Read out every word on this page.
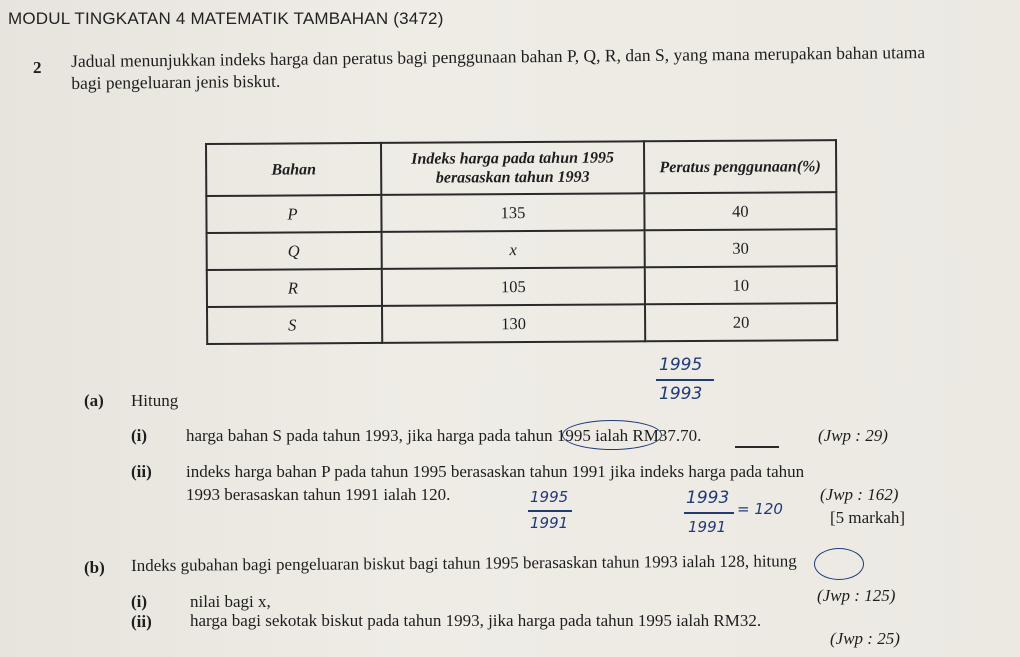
MODUL TINGKATAN 4 MATEMATIK TAMBAHAN (3472)
2 Jadual menunjukkan indeks harga dan peratus bagi penggunaan bahan P, Q, R, dan S, yang mana merupakan bahan utama bagi pengeluaran jenis biskut.
Bahan	Indeks harga pada tahun 1995 berasaskan tahun 1993	Peratus penggunaan(%)
P	135	40
Q	x	30
R	105	10
S	130	20
1995
1993
(a) Hitung
(i) harga bahan S pada tahun 1993, jika harga pada tahun 1995 ialah RM37.70.	(Jwp : 29)
(ii) indeks harga bahan P pada tahun 1995 berasaskan tahun 1991 jika indeks harga pada tahun
1993 berasaskan tahun 1991 ialah 120.	1995
1991
1993
1991
= 120
(Jwp : 162)
[5 markah]
(b) Indeks gubahan bagi pengeluaran biskut bagi tahun 1995 berasaskan tahun 1993 ialah 128, hitung
(i)	nilai bagi x,	(Jwp : 125)
(ii) harga bagi sekotak biskut pada tahun 1993, jika harga pada tahun 1995 ialah RM32.
(Jwp : 25)
